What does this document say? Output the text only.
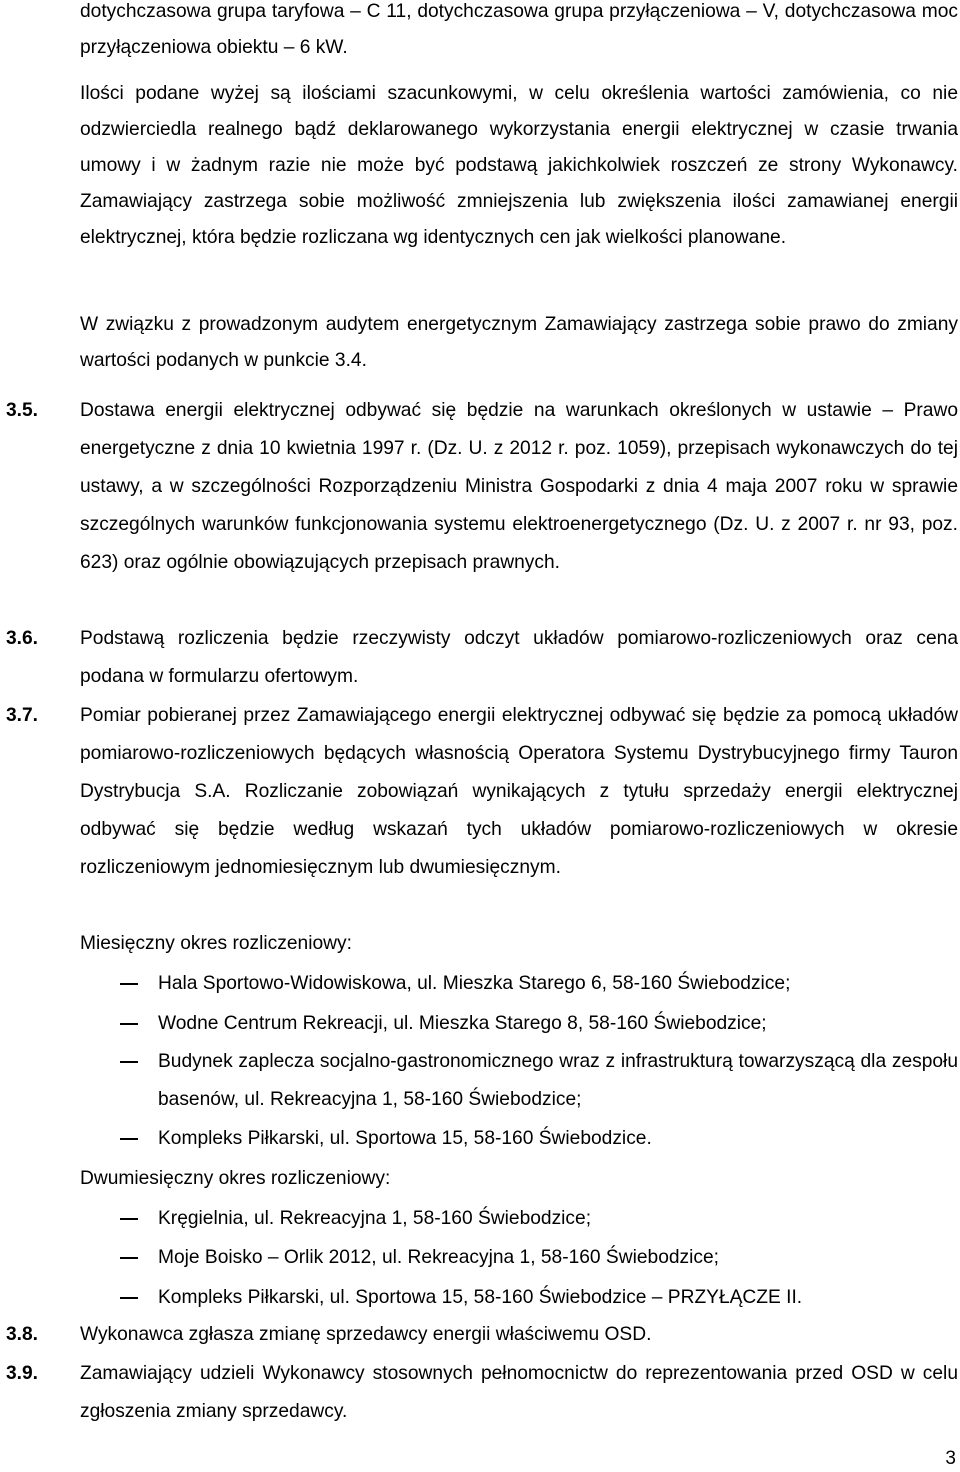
dotychczasowa grupa taryfowa – C 11, dotychczasowa grupa przyłączeniowa – V, dotychczasowa moc przyłączeniowa obiektu – 6 kW.

Ilości podane wyżej są ilościami szacunkowymi, w celu określenia wartości zamówienia, co nie odzwierciedla realnego bądź deklarowanego wykorzystania energii elektrycznej w czasie trwania umowy i w żadnym razie nie może być podstawą jakichkolwiek roszczeń ze strony Wykonawcy. Zamawiający zastrzega sobie możliwość zmniejszenia lub zwiększenia ilości zamawianej energii elektrycznej, która będzie rozliczana wg identycznych cen jak wielkości planowane.

W związku z prowadzonym audytem energetycznym Zamawiający zastrzega sobie prawo do zmiany wartości podanych w punkcie 3.4.

3.5. Dostawa energii elektrycznej odbywać się będzie na warunkach określonych w ustawie – Prawo energetyczne z dnia 10 kwietnia 1997 r. (Dz. U. z 2012 r. poz. 1059), przepisach wykonawczych do tej ustawy, a w szczególności Rozporządzeniu Ministra Gospodarki z dnia 4 maja 2007 roku w sprawie szczególnych warunków funkcjonowania systemu elektroenergetycznego (Dz. U. z 2007 r. nr 93, poz. 623) oraz ogólnie obowiązujących przepisach prawnych.

3.6. Podstawą rozliczenia będzie rzeczywisty odczyt układów pomiarowo-rozliczeniowych oraz cena podana w formularzu ofertowym.

3.7. Pomiar pobieranej przez Zamawiającego energii elektrycznej odbywać się będzie za pomocą układów pomiarowo-rozliczeniowych będących własnością Operatora Systemu Dystrybucyjnego firmy Tauron Dystrybucja S.A. Rozliczanie zobowiązań wynikających z tytułu sprzedaży energii elektrycznej odbywać się będzie według wskazań tych układów pomiarowo-rozliczeniowych w okresie rozliczeniowym jednomiesięcznym lub dwumiesięcznym.

Miesięczny okres rozliczeniowy:
Hala Sportowo-Widowiskowa, ul. Mieszka Starego 6, 58-160 Świebodzice;
Wodne Centrum Rekreacji, ul. Mieszka Starego 8, 58-160 Świebodzice;
Budynek zaplecza socjalno-gastronomicznego wraz z infrastrukturą towarzyszącą dla zespołu basenów, ul. Rekreacyjna 1, 58-160 Świebodzice;
Kompleks Piłkarski, ul. Sportowa 15, 58-160 Świebodzice.
Dwumiesięczny okres rozliczeniowy:
Kręgielnia, ul. Rekreacyjna 1, 58-160 Świebodzice;
Moje Boisko – Orlik 2012, ul. Rekreacyjna 1, 58-160 Świebodzice;
Kompleks Piłkarski, ul. Sportowa 15, 58-160 Świebodzice – PRZYŁĄCZE II.
3.8. Wykonawca zgłasza zmianę sprzedawcy energii właściwemu OSD.

3.9. Zamawiający udzieli Wykonawcy stosownych pełnomocnictw do reprezentowania przed OSD w celu zgłoszenia zmiany sprzedawcy.

3
